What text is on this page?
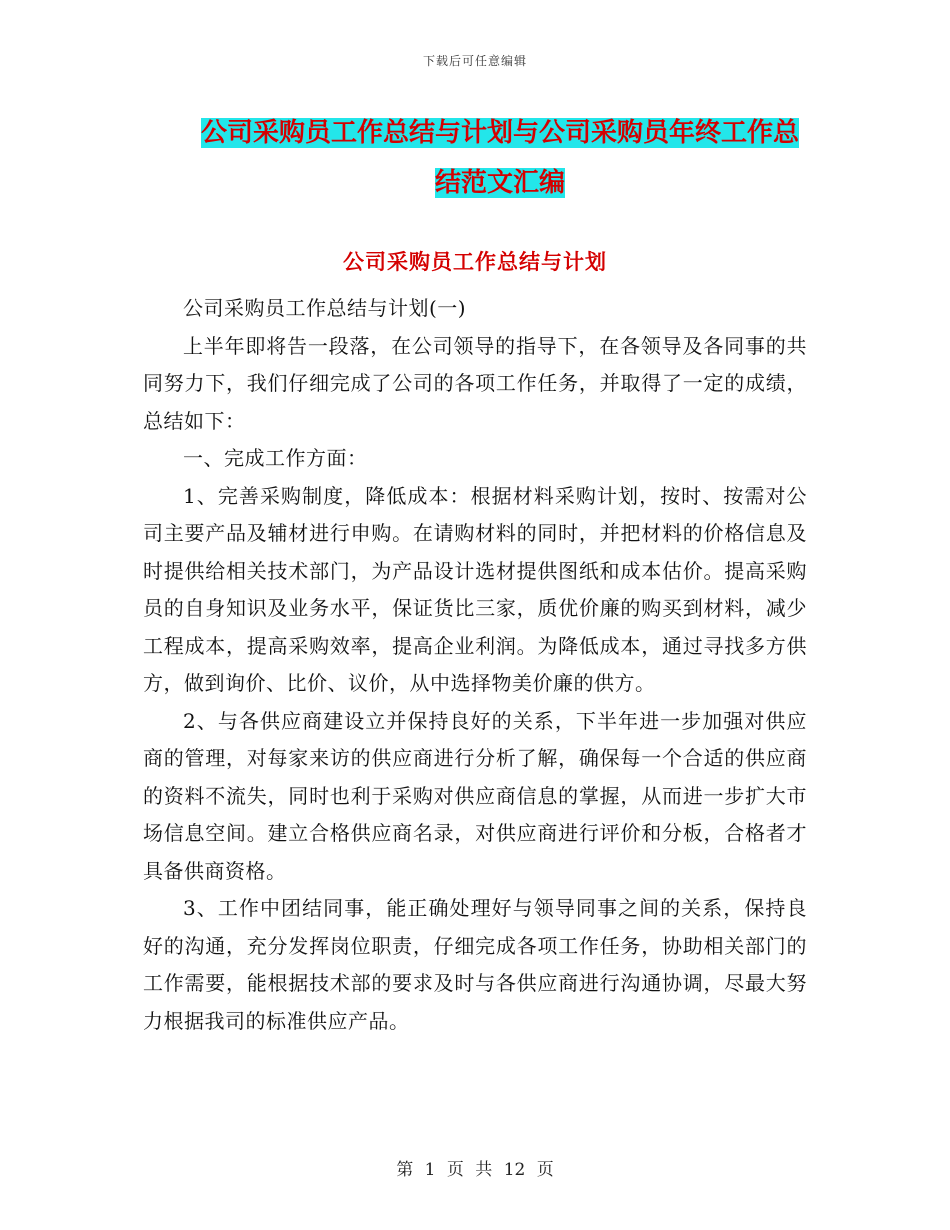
下载后可任意编辑
公司采购员工作总结与计划与公司采购员年终工作总
结范文汇编
公司采购员工作总结与计划

公司采购员工作总结与计划(一)

上半年即将告一段落，在公司领导的指导下，在各领导及各同事的共同努力下，我们仔细完成了公司的各项工作任务，并取得了一定的成绩，总结如下：

一、完成工作方面：

1、完善采购制度，降低成本：根据材料采购计划，按时、按需对公司主要产品及辅材进行申购。在请购材料的同时，并把材料的价格信息及时提供给相关技术部门，为产品设计选材提供图纸和成本估价。提高采购员的自身知识及业务水平，保证货比三家，质优价廉的购买到材料，减少工程成本，提高采购效率，提高企业利润。为降低成本，通过寻找多方供方，做到询价、比价、议价，从中选择物美价廉的供方。

2、与各供应商建设立并保持良好的关系，下半年进一步加强对供应商的管理，对每家来访的供应商进行分析了解，确保每一个合适的供应商的资料不流失，同时也利于采购对供应商信息的掌握，从而进一步扩大市场信息空间。建立合格供应商名录，对供应商进行评价和分板，合格者才具备供商资格。

3、工作中团结同事，能正确处理好与领导同事之间的关系，保持良好的沟通，充分发挥岗位职责，仔细完成各项工作任务，协助相关部门的工作需要，能根据技术部的要求及时与各供应商进行沟通协调，尽最大努力根据我司的标准供应产品。

第 1 页 共 12 页
